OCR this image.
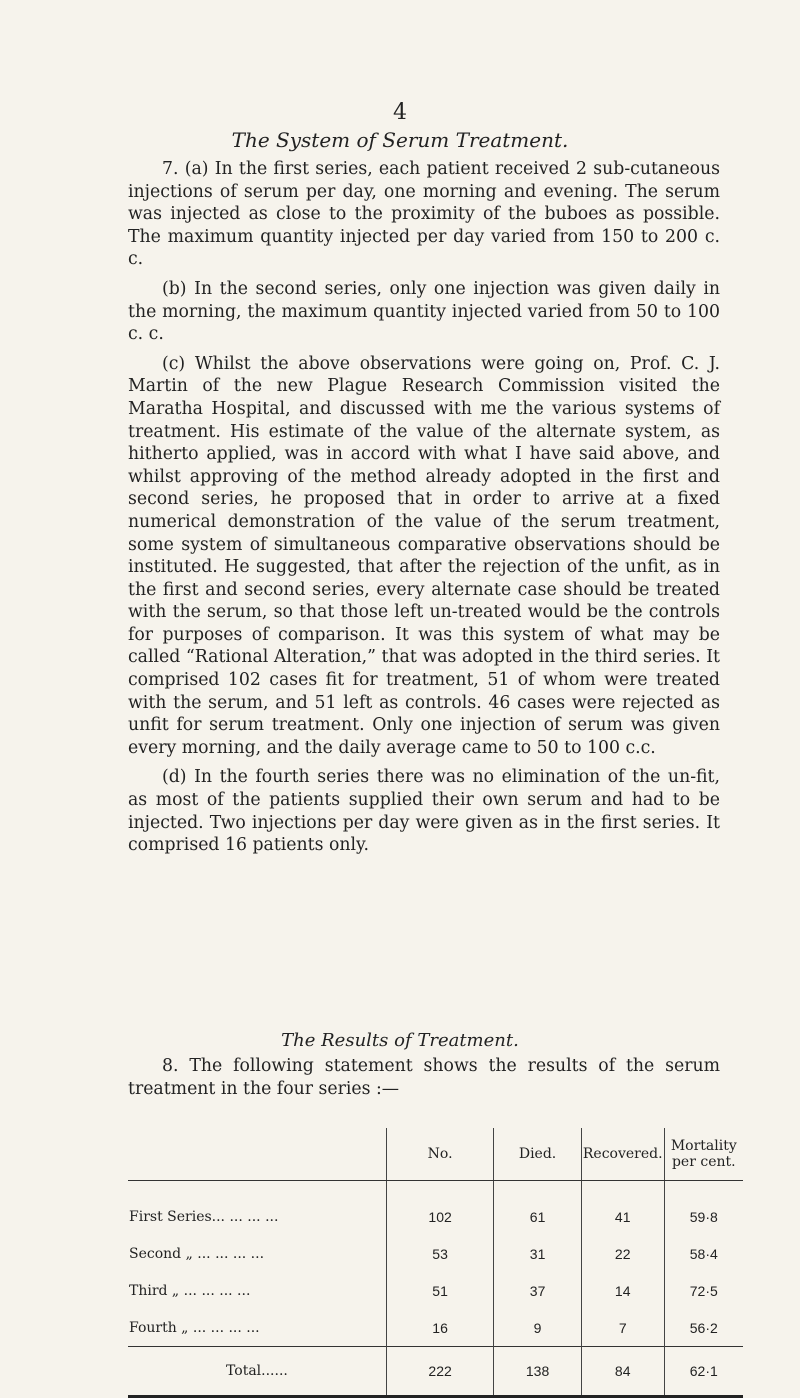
4
The System of Serum Treatment.

7. (a) In the first series, each patient received 2 sub-cutaneous injections of serum per day, one morning and evening. The serum was injected as close to the proximity of the buboes as possible. The maximum quantity injected per day varied from 150 to 200 c. c.

(b) In the second series, only one injection was given daily in the morning, the maximum quantity injected varied from 50 to 100 c. c.

(c) Whilst the above observations were going on, Prof. C. J. Martin of the new Plague Research Commission visited the Maratha Hospital, and discussed with me the various systems of treatment. His estimate of the value of the alternate system, as hitherto applied, was in accord with what I have said above, and whilst approving of the method already adopted in the first and second series, he proposed that in order to arrive at a fixed numerical demonstration of the value of the serum treatment, some system of simultaneous comparative observations should be instituted. He suggested, that after the rejection of the unfit, as in the first and second series, every alternate case should be treated with the serum, so that those left un-treated would be the controls for purposes of comparison. It was this system of what may be called “Rational Alteration,” that was adopted in the third series. It comprised 102 cases fit for treatment, 51 of whom were treated with the serum, and 51 left as controls. 46 cases were rejected as unfit for serum treatment. Only one injection of serum was given every morning, and the daily average came to 50 to 100 c.c.

(d) In the fourth series there was no elimination of the un-fit, as most of the patients supplied their own serum and had to be injected. Two injections per day were given as in the first series. It comprised 16 patients only.

The Results of Treatment.
8. The following statement shows the results of the serum treatment in the four series :—
	No.	Died.	Recovered.	Mortality per cent.
First Series... ... ... ...	102	61	41	59·8
Second „ ... ... ... ...	53	31	22	58·4
Third „ ... ... ... ...	51	37	14	72·5
Fourth „ ... ... ... ...	16	9	7	56·2
Total......	222	138	84	62·1
